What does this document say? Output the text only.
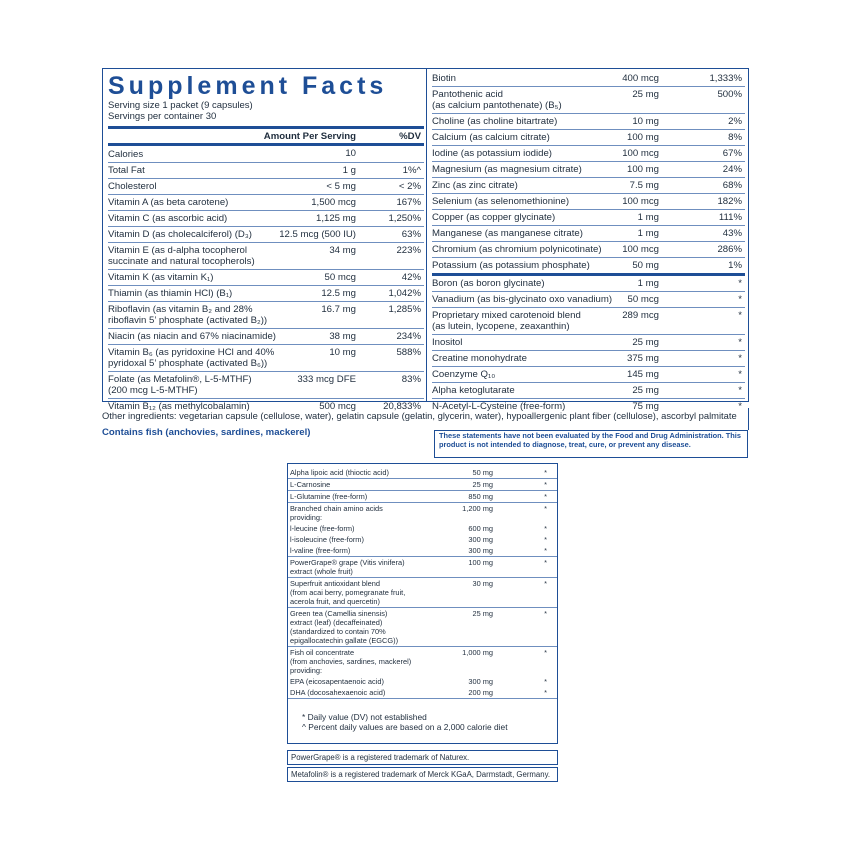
Supplement Facts
Serving size 1 packet (9 capsules)
Servings per container 30
Amount Per Serving	%DV
Calories	10
Total Fat	1 g	1%^
Cholesterol	< 5 mg	< 2%
Vitamin A (as beta carotene)	1,500 mcg	167%
Vitamin C (as ascorbic acid)	1,125 mg	1,250%
Vitamin D (as cholecalciferol) (D₃)	12.5 mcg (500 IU)	63%
Vitamin E (as d-alpha tocopherol
succinate and natural tocopherols)
34 mg	223%
Vitamin K (as vitamin K₁)	50 mcg	42%
Thiamin (as thiamin HCl) (B₁)	12.5 mg	1,042%
Riboflavin (as vitamin B₂ and 28%
riboflavin 5’ phosphate (activated B₂))
16.7 mg	1,285%
Niacin (as niacin and 67% niacinamide)	38 mg	234%
Vitamin B₆ (as pyridoxine HCl and 40%
pyridoxal 5’ phosphate (activated B₆))
10 mg	588%
Folate (as Metafolin®, L-5-MTHF)
(200 mcg L-5-MTHF)
333 mcg DFE	83%
Vitamin B₁₂ (as methylcobalamin)	500 mcg	20,833%
Biotin	400 mcg	1,333%
Pantothenic acid
(as calcium pantothenate) (B₅)
25 mg	500%
Choline (as choline bitartrate)	10 mg	2%
Calcium (as calcium citrate)	100 mg	8%
Iodine (as potassium iodide)	100 mcg	67%
Magnesium (as magnesium citrate)	100 mg	24%
Zinc (as zinc citrate)	7.5 mg	68%
Selenium (as selenomethionine)	100 mcg	182%
Copper (as copper glycinate)	1 mg	111%
Manganese (as manganese citrate)	1 mg	43%
Chromium (as chromium polynicotinate)	100 mcg	286%
Potassium (as potassium phosphate)	50 mg	1%
Boron (as boron glycinate)	1 mg	*
Vanadium (as bis-glycinato oxo vanadium)	50 mcg	*
Proprietary mixed carotenoid blend
(as lutein, lycopene, zeaxanthin)
289 mcg	*
Inositol	25 mg	*
Creatine monohydrate	375 mg	*
Coenzyme Q₁₀	145 mg	*
Alpha ketoglutarate	25 mg	*
N-Acetyl-L-Cysteine (free-form)	75 mg	*
Other ingredients: vegetarian capsule (cellulose, water), gelatin capsule (gelatin, glycerin, water), hypoallergenic plant fiber (cellulose), ascorbyl palmitate
Contains fish (anchovies, sardines, mackerel)	These statements have not been evaluated by the Food and Drug Administration. This product is not intended to diagnose, treat, cure, or prevent any disease.
Alpha lipoic acid (thioctic acid)	50 mg	*
L-Carnosine	25 mg	*
L-Glutamine (free-form)	850 mg	*
Branched chain amino acids
providing:
1,200 mg	*
l-leucine (free-form)	600 mg	*
l-isoleucine (free-form)	300 mg	*
l-valine (free-form)	300 mg	*
PowerGrape® grape (Vitis vinifera)
extract (whole fruit)
100 mg	*
Superfruit antioxidant blend
(from acai berry, pomegranate fruit,
acerola fruit, and quercetin)
30 mg	*
Green tea (Camellia sinensis)
extract (leaf) (decaffeinated)
(standardized to contain 70%
epigallocatechin gallate (EGCG))
25 mg	*
Fish oil concentrate
(from anchovies, sardines, mackerel)
providing:
1,000 mg	*
EPA (eicosapentaenoic acid)	300 mg	*
DHA (docosahexaenoic acid)	200 mg	*
* Daily value (DV) not established
^ Percent daily values are based on a 2,000 calorie diet
PowerGrape® is a registered trademark of Naturex.
Metafolin® is a registered trademark of Merck KGaA, Darmstadt, Germany.
